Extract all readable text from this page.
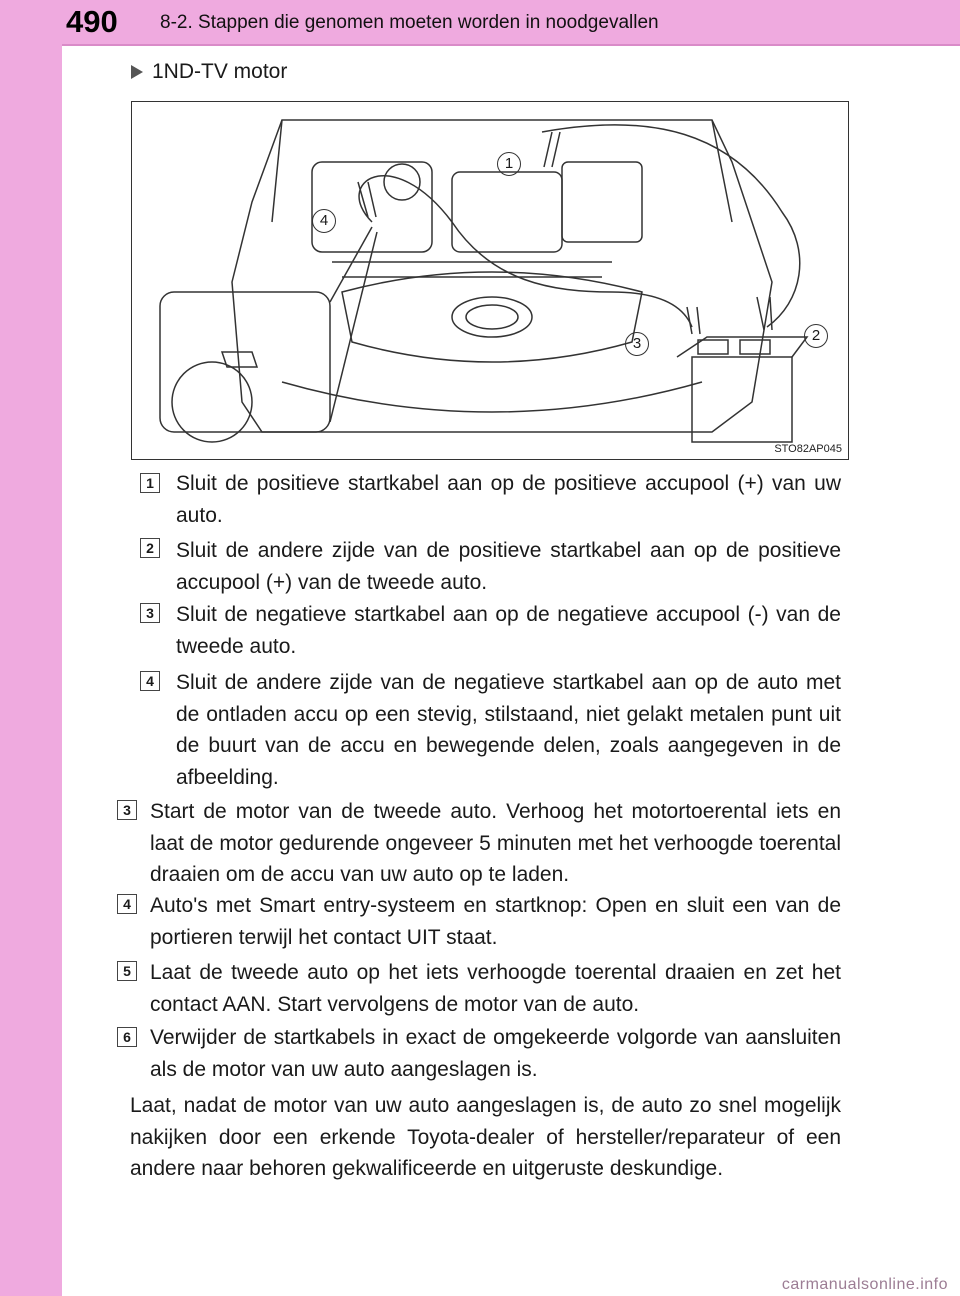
490 8-2. Stappen die genomen moeten worden in noodgevallen
1ND-TV motor
1
2
3
4
STO82AP045
1 Sluit de positieve startkabel aan op de positieve accupool (+) van uw auto.
2 Sluit de andere zijde van de positieve startkabel aan op de positieve accupool (+) van de tweede auto.
3 Sluit de negatieve startkabel aan op de negatieve accupool (-) van de tweede auto.
4 Sluit de andere zijde van de negatieve startkabel aan op de auto met de ontladen accu op een stevig, stilstaand, niet gelakt metalen punt uit de buurt van de accu en bewegende delen, zoals aangegeven in de afbeelding.
3 Start de motor van de tweede auto. Verhoog het motortoerental iets en laat de motor gedurende ongeveer 5 minuten met het verhoogde toerental draaien om de accu van uw auto op te laden.
4 Auto's met Smart entry-systeem en startknop: Open en sluit een van de portieren terwijl het contact UIT staat.
5 Laat de tweede auto op het iets verhoogde toerental draaien en zet het contact AAN. Start vervolgens de motor van de auto.
6 Verwijder de startkabels in exact de omgekeerde volgorde van aansluiten als de motor van uw auto aangeslagen is.
Laat, nadat de motor van uw auto aangeslagen is, de auto zo snel mogelijk nakijken door een erkende Toyota-dealer of hersteller/reparateur of een andere naar behoren gekwalificeerde en uitgeruste deskundige.
carmanualsonline.info
